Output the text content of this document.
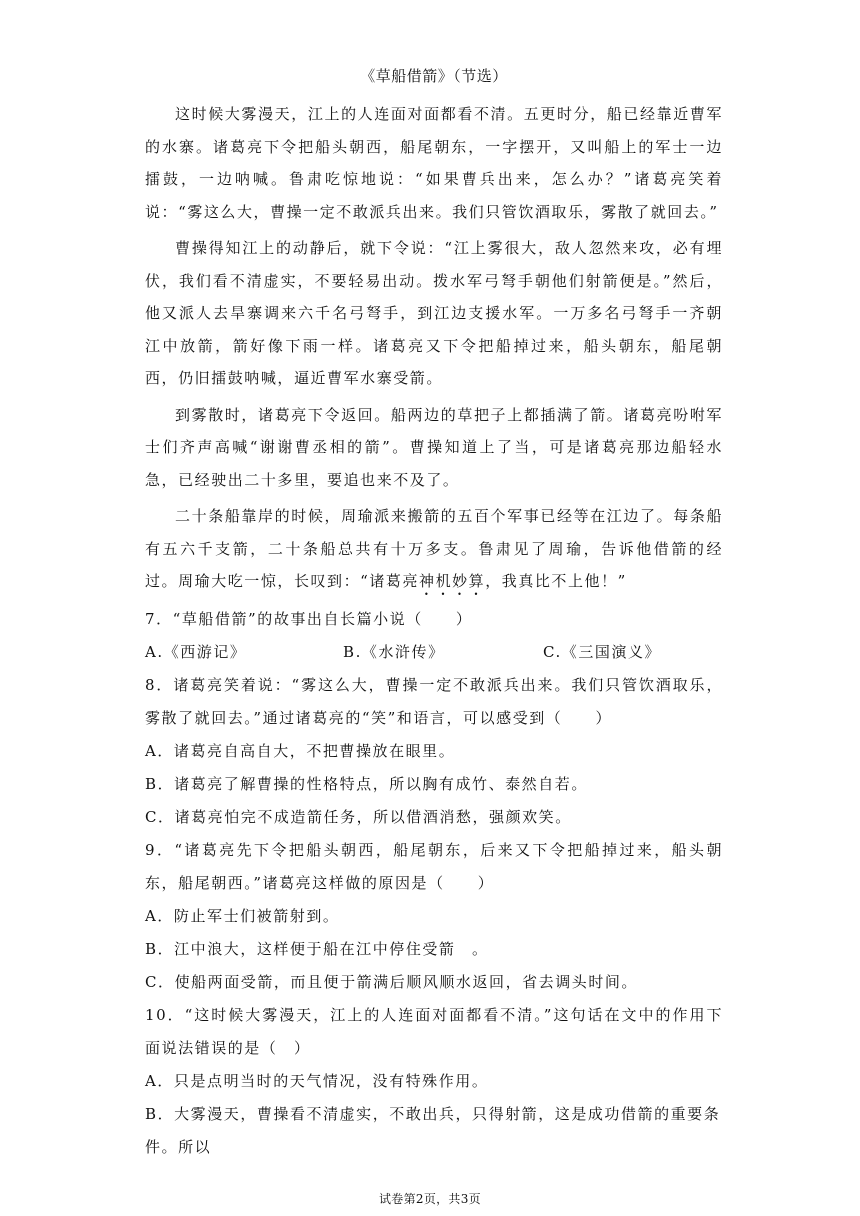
《草船借箭》（节选）

这时候大雾漫天，江上的人连面对面都看不清。五更时分，船已经靠近曹军的水寨。诸葛亮下令把船头朝西，船尾朝东，一字摆开，又叫船上的军士一边擂鼓，一边呐喊。鲁肃吃惊地说：“如果曹兵出来，怎么办？”诸葛亮笑着说：“雾这么大，曹操一定不敢派兵出来。我们只管饮酒取乐，雾散了就回去。”

曹操得知江上的动静后，就下令说：“江上雾很大，敌人忽然来攻，必有埋伏，我们看不清虚实，不要轻易出动。拨水军弓弩手朝他们射箭便是。”然后，他又派人去旱寨调来六千名弓弩手，到江边支援水军。一万多名弓弩手一齐朝江中放箭，箭好像下雨一样。诸葛亮又下令把船掉过来，船头朝东，船尾朝西，仍旧擂鼓呐喊，逼近曹军水寨受箭。

到雾散时，诸葛亮下令返回。船两边的草把子上都插满了箭。诸葛亮吩咐军士们齐声高喊“谢谢曹丞相的箭”。曹操知道上了当，可是诸葛亮那边船轻水急，已经驶出二十多里，要追也来不及了。

二十条船靠岸的时候，周瑜派来搬箭的五百个军事已经等在江边了。每条船有五六千支箭，二十条船总共有十万多支。鲁肃见了周瑜，告诉他借箭的经过。周瑜大吃一惊，长叹到：“诸葛亮神机妙算，我真比不上他！”

7．“草船借箭”的故事出自长篇小说（　　）

A.《西游记》	B.《水浒传》	C.《三国演义》

8．诸葛亮笑着说：“雾这么大，曹操一定不敢派兵出来。我们只管饮酒取乐，雾散了就回去。”通过诸葛亮的“笑”和语言，可以感受到（　　）

A．诸葛亮自高自大，不把曹操放在眼里。

B．诸葛亮了解曹操的性格特点，所以胸有成竹、泰然自若。

C．诸葛亮怕完不成造箭任务，所以借酒消愁，强颜欢笑。

9．“诸葛亮先下令把船头朝西，船尾朝东，后来又下令把船掉过来，船头朝东，船尾朝西。”诸葛亮这样做的原因是（　　）

A．防止军士们被箭射到。

B．江中浪大，这样便于船在江中停住受箭　。

C．使船两面受箭，而且便于箭满后顺风顺水返回，省去调头时间。

10．“这时候大雾漫天，江上的人连面对面都看不清。”这句话在文中的作用下面说法错误的是（　）

A．只是点明当时的天气情况，没有特殊作用。

B．大雾漫天，曹操看不清虚实，不敢出兵，只得射箭，这是成功借箭的重要条件。所以

试卷第2页，共3页
